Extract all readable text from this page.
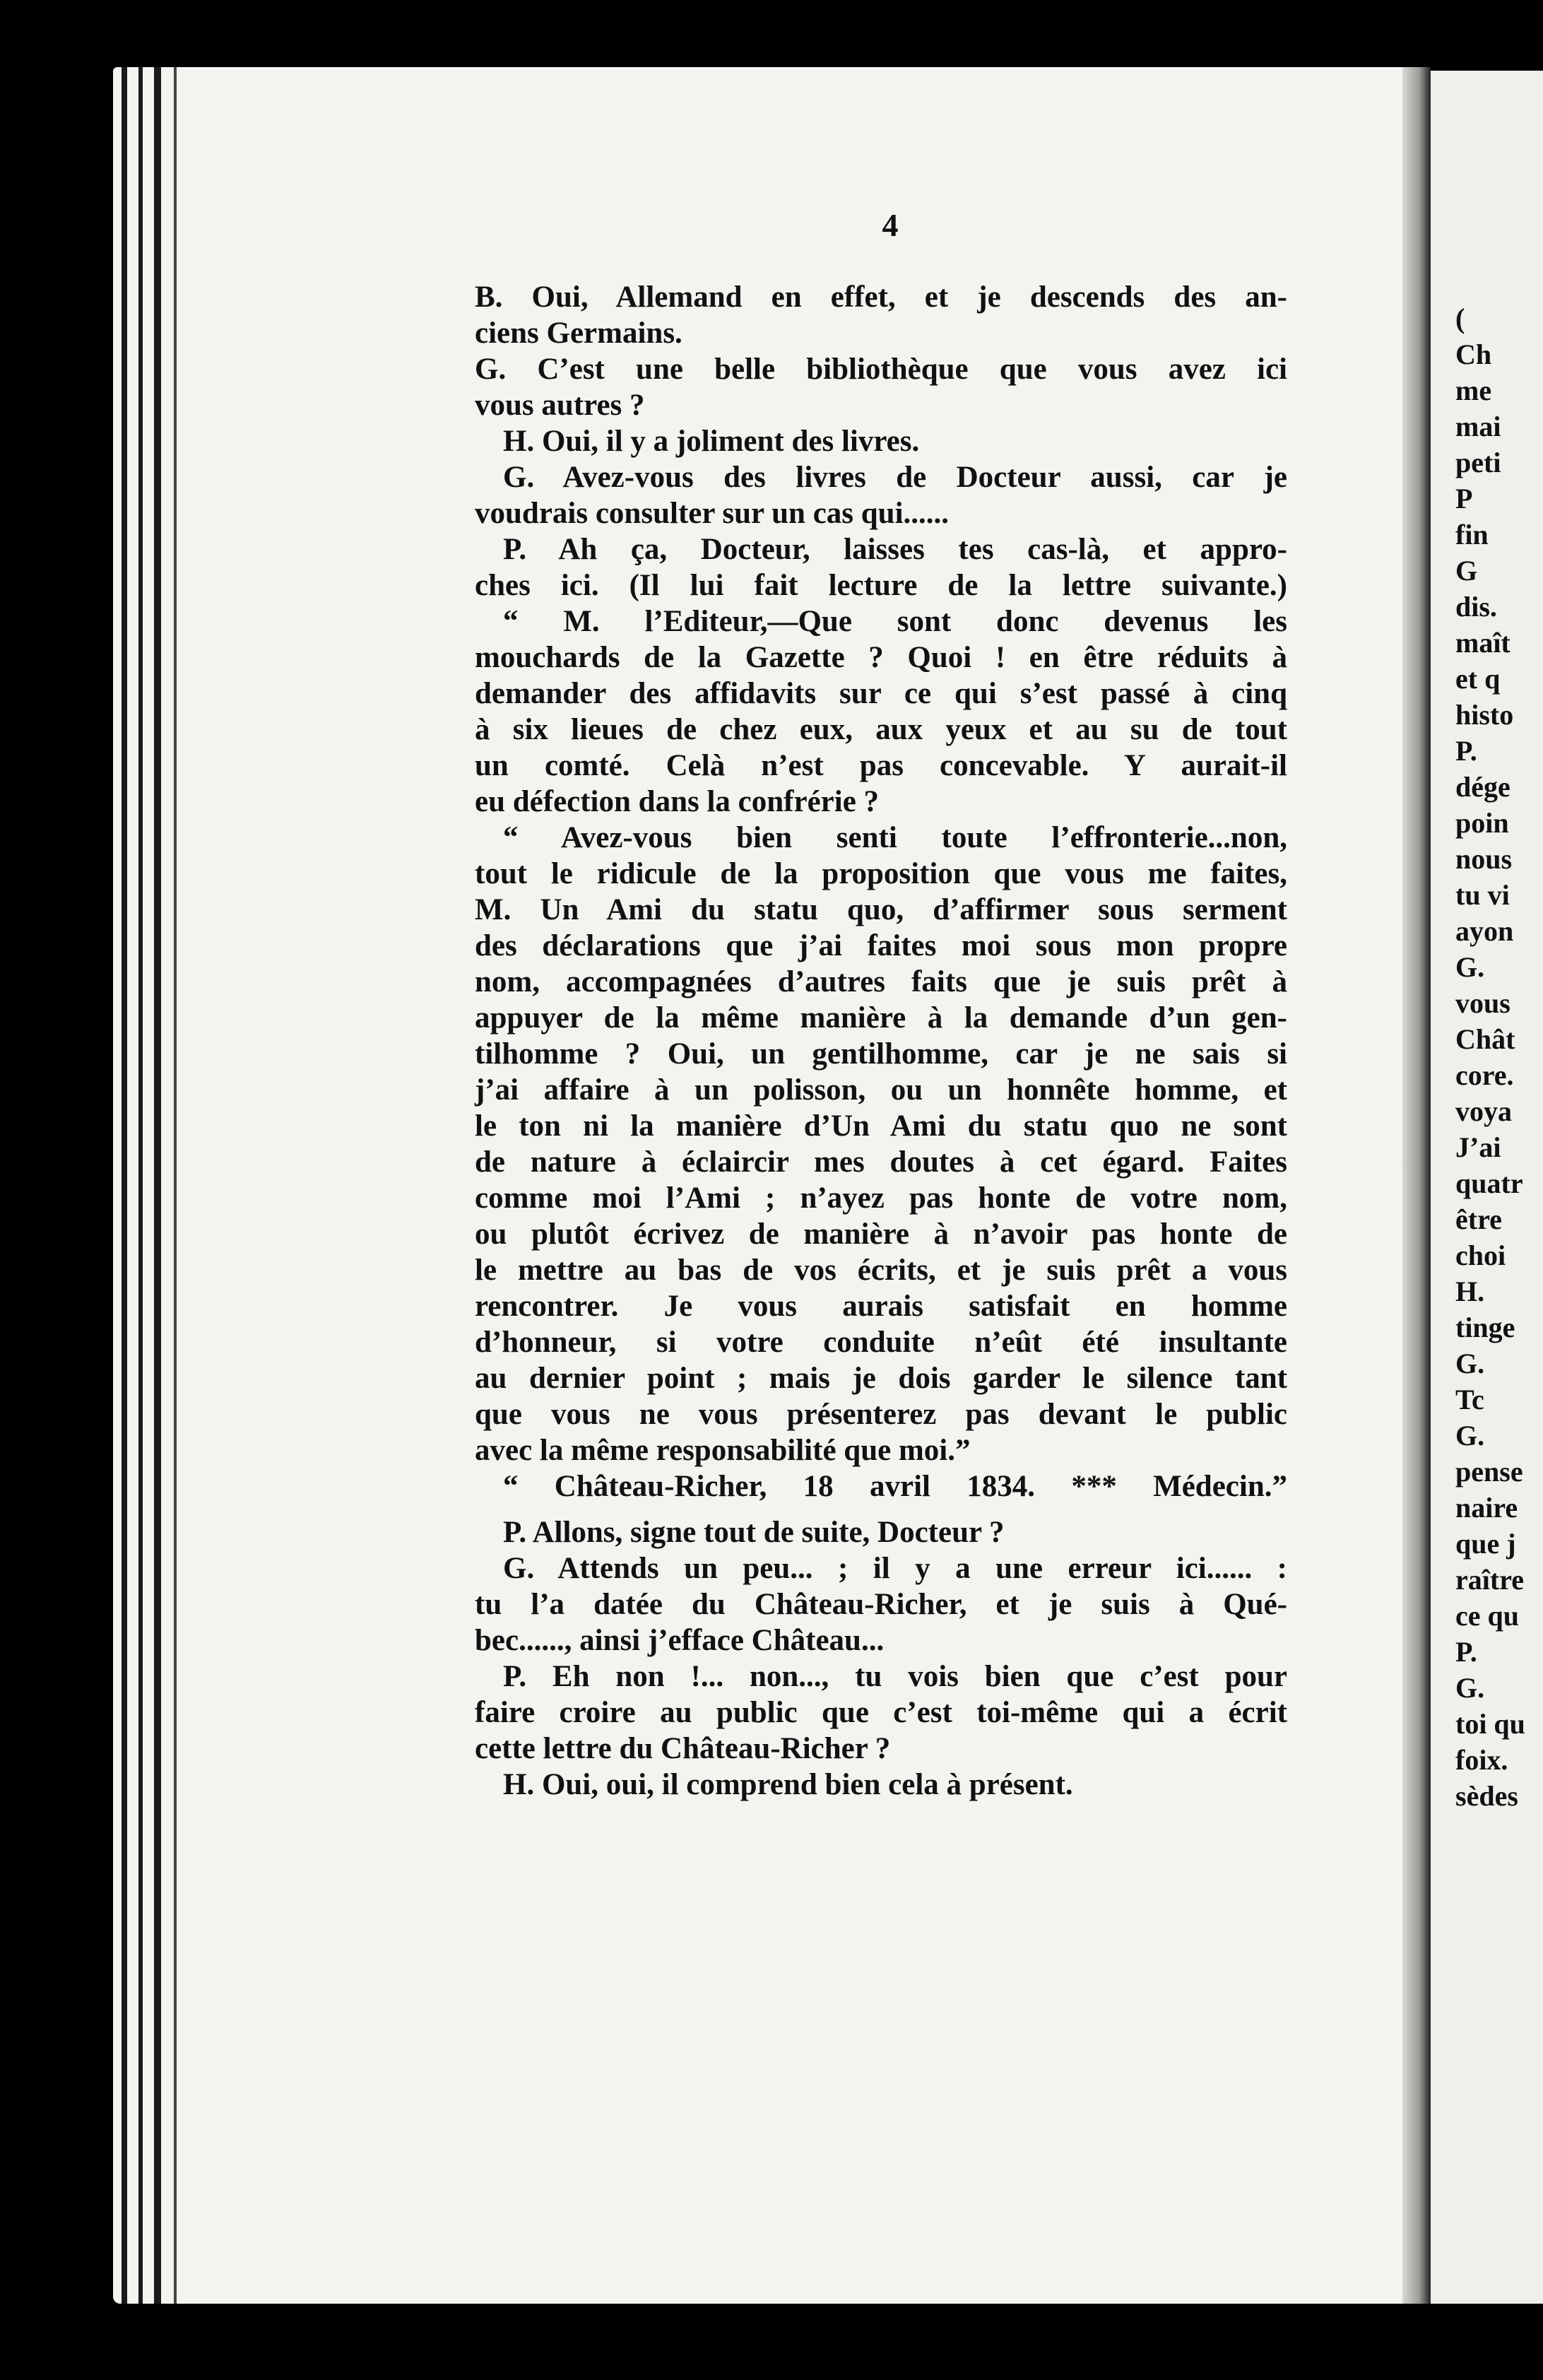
4
B. Oui, Allemand en effet, et je descends des an-
ciens Germains.
G. C’est une belle bibliothèque que vous avez ici
vous autres ?
H. Oui, il y a joliment des livres.
G. Avez-vous des livres de Docteur aussi, car je
voudrais consulter sur un cas qui......
P. Ah ça, Docteur, laisses tes cas-là, et appro-
ches ici. (Il lui fait lecture de la lettre suivante.)
“ M. l’Editeur,—Que sont donc devenus les
mouchards de la Gazette ? Quoi ! en être réduits à
demander des affidavits sur ce qui s’est passé à cinq
à six lieues de chez eux, aux yeux et au su de tout
un comté. Celà n’est pas concevable. Y aurait-il
eu défection dans la confrérie ?
“ Avez-vous bien senti toute l’effronterie...non,
tout le ridicule de la proposition que vous me faites,
M. Un Ami du statu quo, d’affirmer sous serment
des déclarations que j’ai faites moi sous mon propre
nom, accompagnées d’autres faits que je suis prêt à
appuyer de la même manière à la demande d’un gen-
tilhomme ? Oui, un gentilhomme, car je ne sais si
j’ai affaire à un polisson, ou un honnête homme, et
le ton ni la manière d’Un Ami du statu quo ne sont
de nature à éclaircir mes doutes à cet égard. Faites
comme moi l’Ami ; n’ayez pas honte de votre nom,
ou plutôt écrivez de manière à n’avoir pas honte de
le mettre au bas de vos écrits, et je suis prêt a vous
rencontrer. Je vous aurais satisfait en homme
d’honneur, si votre conduite n’eût été insultante
au dernier point ; mais je dois garder le silence tant
que vous ne vous présenterez pas devant le public
avec la même responsabilité que moi.”
“ Château-Richer, 18 avril 1834. *** Médecin.”
P. Allons, signe tout de suite, Docteur ?
G. Attends un peu... ; il y a une erreur ici...... :
tu l’a datée du Château-Richer, et je suis à Qué-
bec......, ainsi j’efface Château...
P. Eh non !... non..., tu vois bien que c’est pour
faire croire au public que c’est toi-même qui a écrit
cette lettre du Château-Richer ?
H. Oui, oui, il comprend bien cela à présent.
(
Ch
me
mai
peti
P
fin
G
dis.
maît
et q
histo
P.
dége
poin
nous
tu vi
ayon
G.
vous
Chât
core.
voya
J’ai
quatr
être
choi
H.
tinge
G.
Tc
G.
pense
naire
que j
raître
ce qu
P.
G.
toi qu
foix.
sèdes
